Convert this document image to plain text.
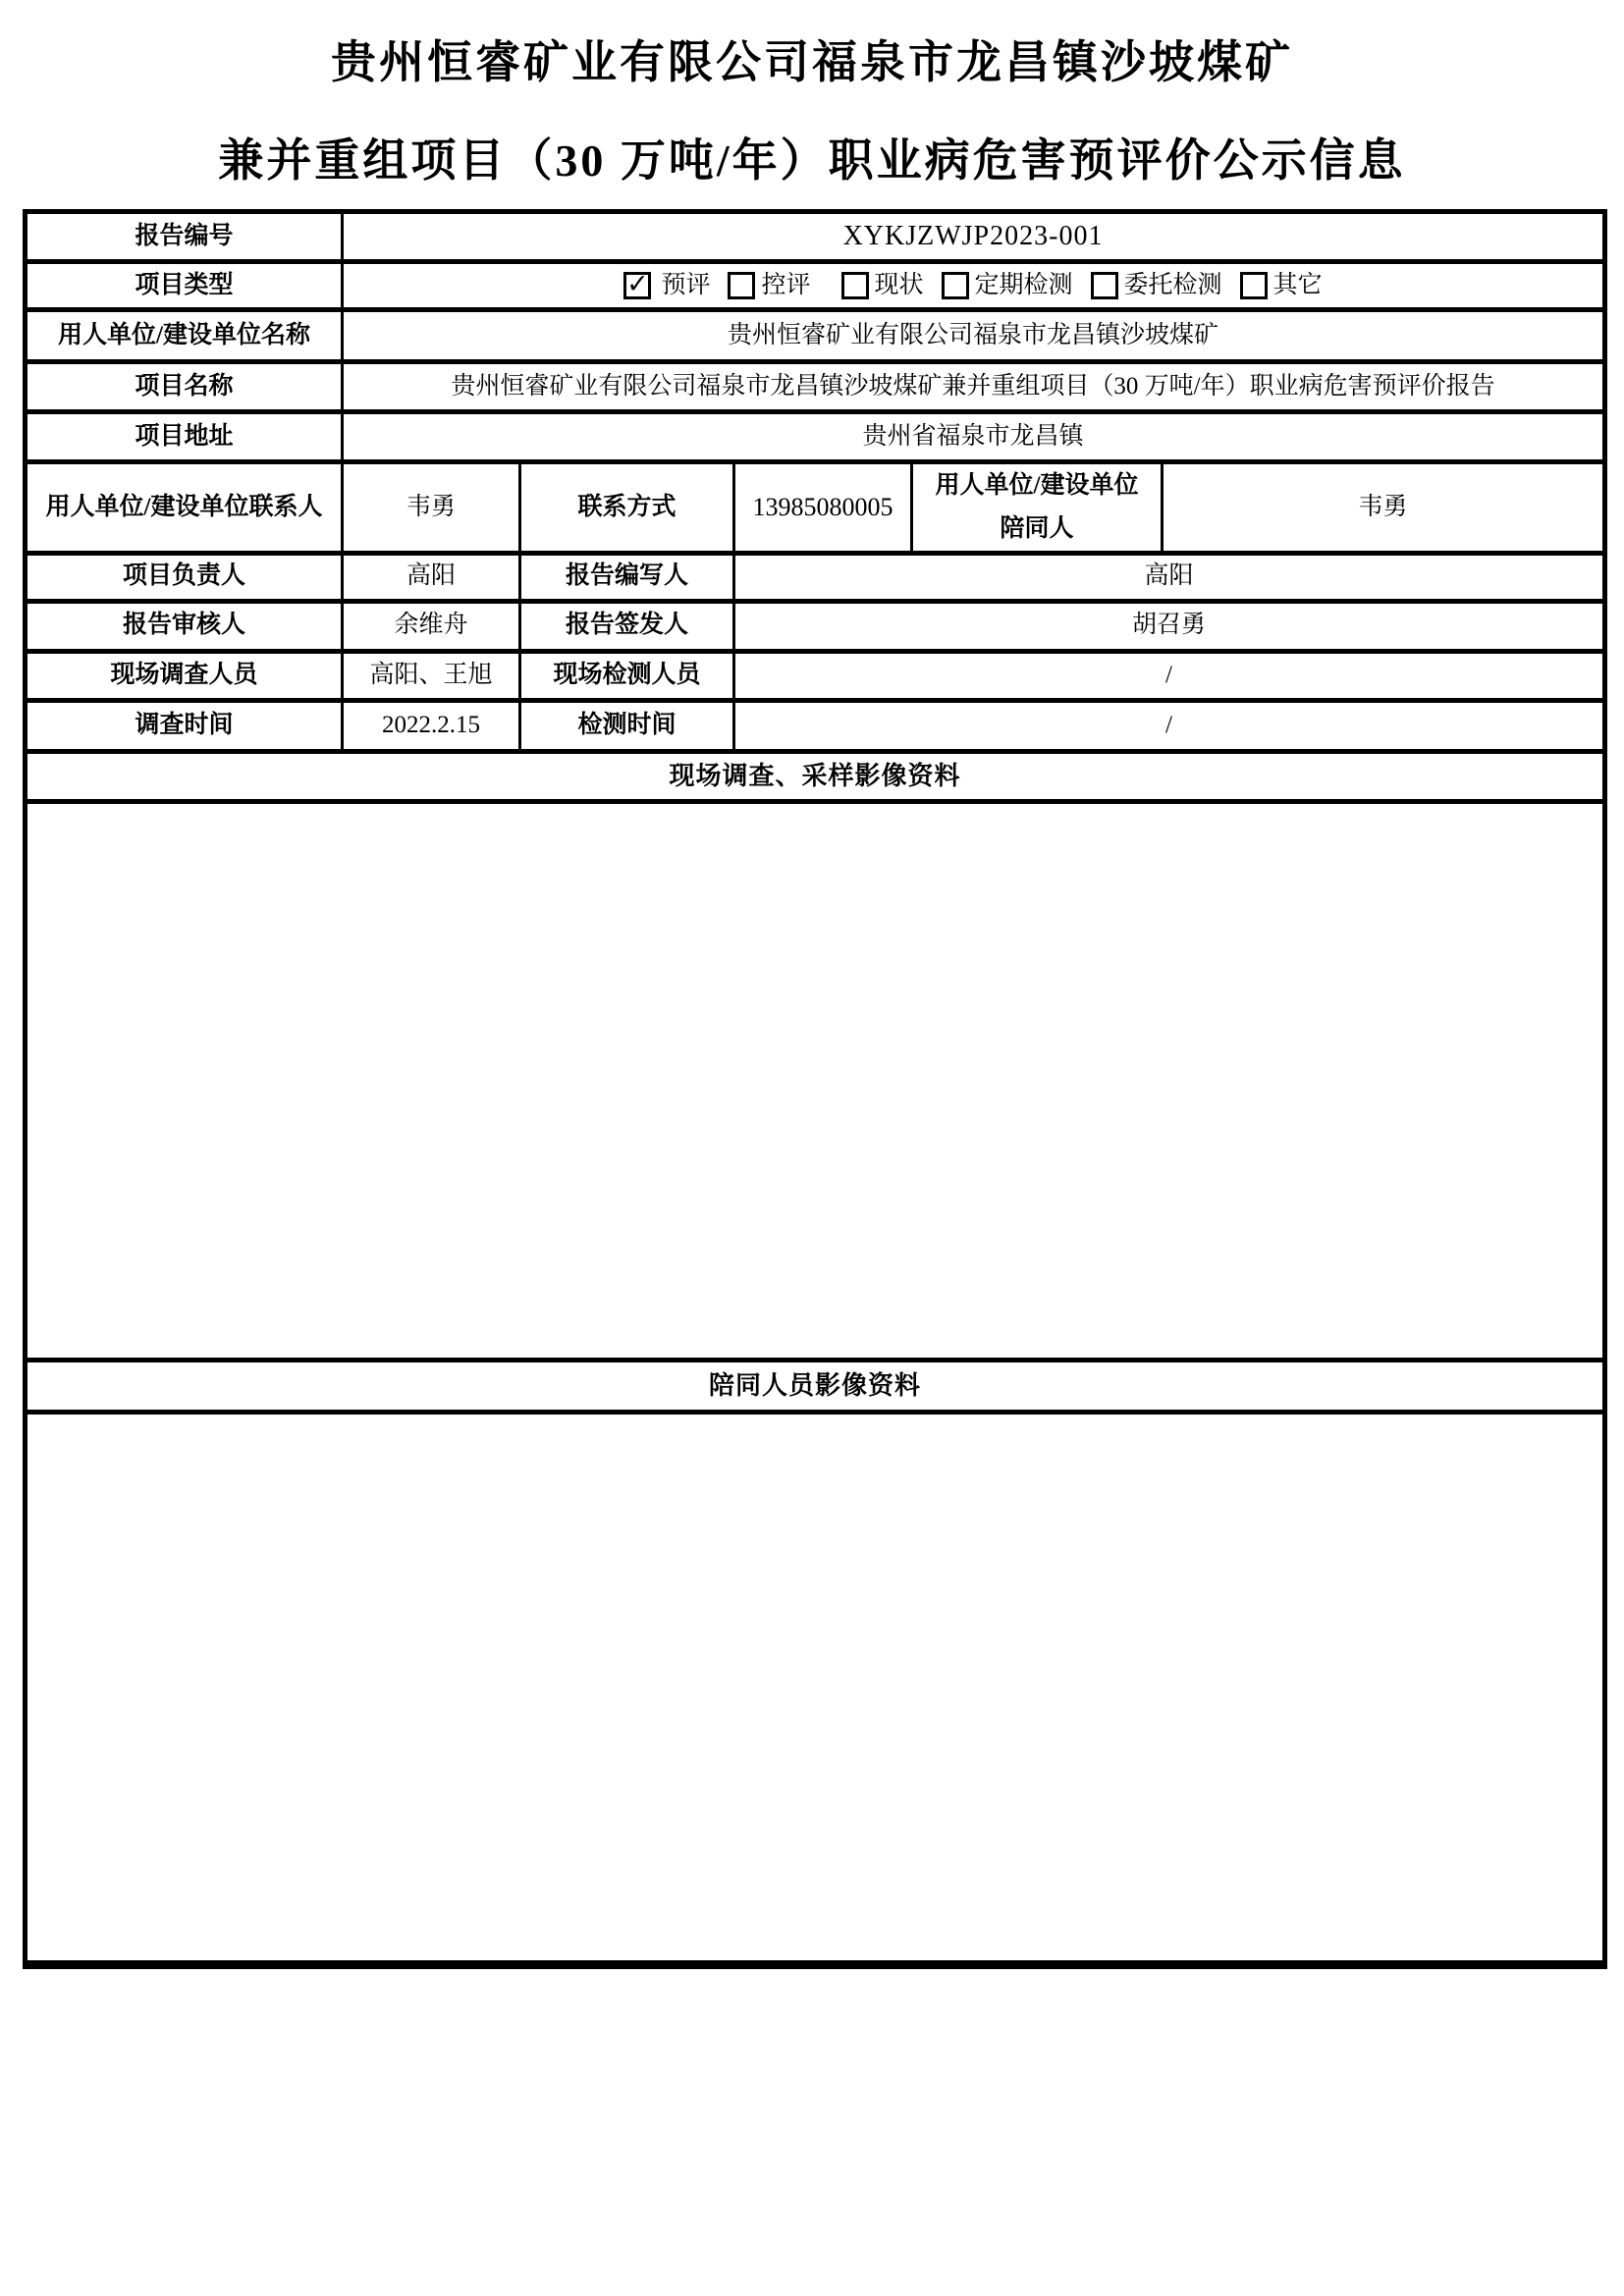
贵州恒睿矿业有限公司福泉市龙昌镇沙坡煤矿
兼并重组项目（30 万吨/年）职业病危害预评价公示信息
报告编号	XYKJZWJP2023-001				
项目类型	✓ 预评 控评	现状 定期检测 委托检测 其它

用人单位/建设单位名称	贵州恒睿矿业有限公司福泉市龙昌镇沙坡煤矿				
项目名称	贵州恒睿矿业有限公司福泉市龙昌镇沙坡煤矿兼并重组项目（30 万吨/年）职业病危害预评价报告				
项目地址	贵州省福泉市龙昌镇				
用人单位/建设单位联系人	韦勇	联系方式	13985080005	用人单位/建设单位陪同人	韦勇
项目负责人	高阳	报告编写人	高阳		
报告审核人	余维舟	报告签发人	胡召勇		
现场调查人员	高阳、王旭	现场检测人员	/		
调查时间	2022.2.15	检测时间	/		
现场调查、采样影像资料					

陪同人员影像资料					
